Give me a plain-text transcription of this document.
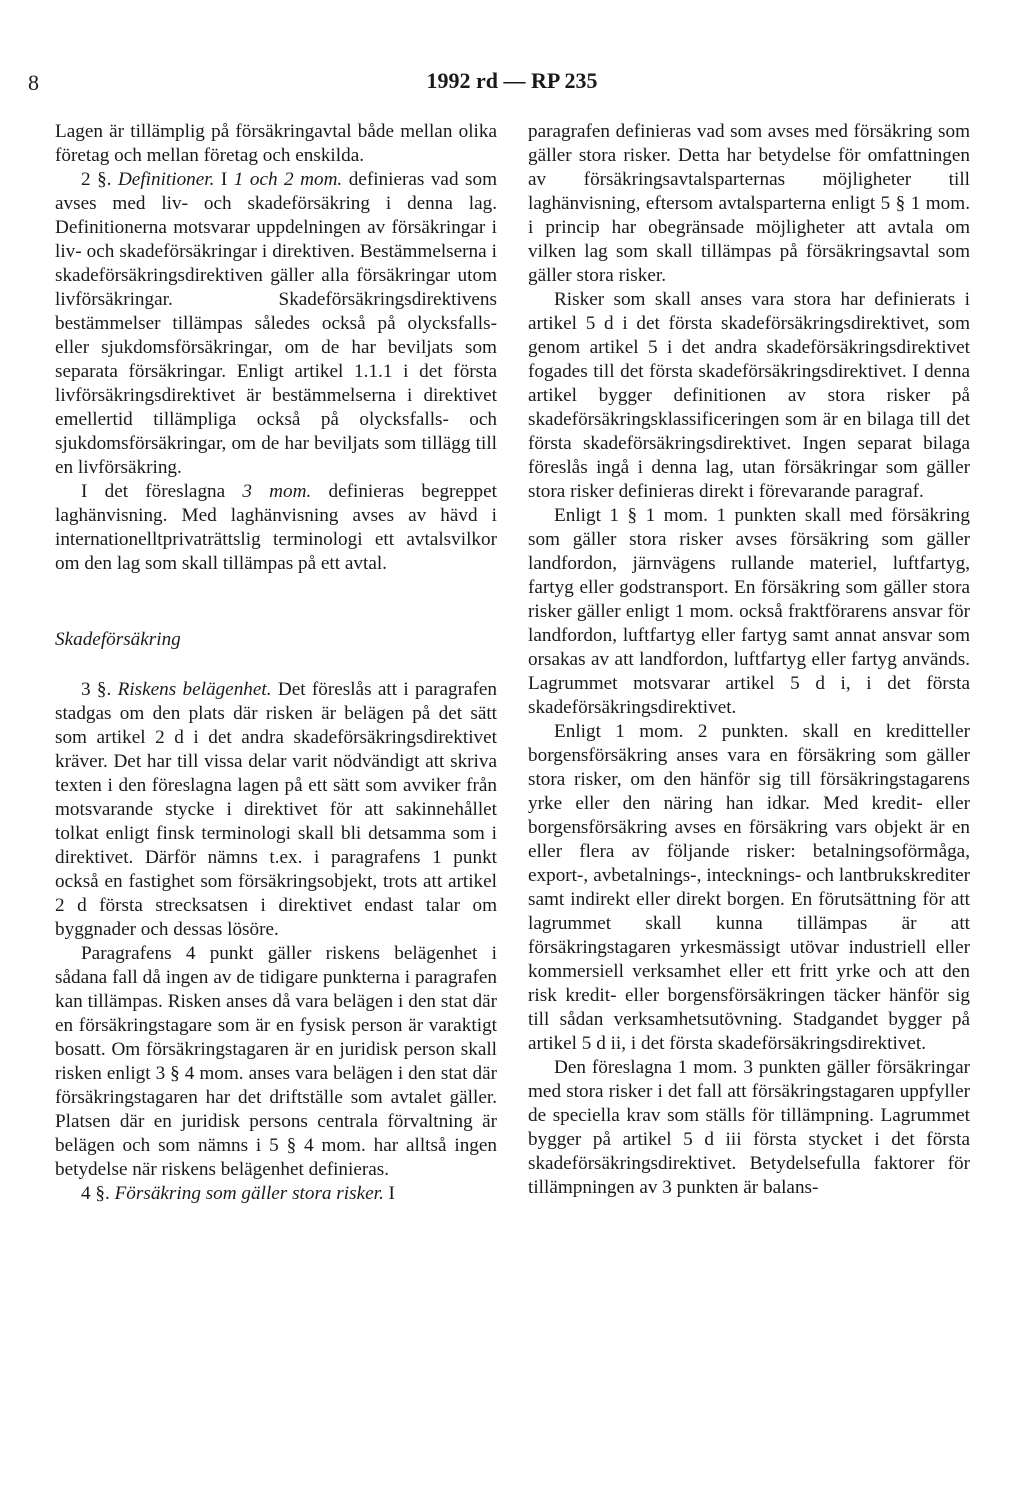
8	1992 rd — RP 235

Lagen är tillämplig på försäkringavtal både mellan olika företag och mellan företag och enskilda.

2 §. Definitioner. I 1 och 2 mom. definieras vad som avses med liv- och skadeförsäkring i denna lag. Definitionerna motsvarar uppdelningen av försäkringar i liv- och skadeförsäkringar i direktiven. Bestämmelserna i skadeförsäkringsdirektiven gäller alla försäkringar utom livförsäkringar. Skadeförsäkringsdirektivens bestämmelser tillämpas således också på olycksfalls- eller sjukdomsförsäkringar, om de har beviljats som separata försäkringar. Enligt artikel 1.1.1 i det första livförsäkringsdirektivet är bestämmelserna i direktivet emellertid tillämpliga också på olycksfalls- och sjukdomsförsäkringar, om de har beviljats som tillägg till en livförsäkring.

I det föreslagna 3 mom. definieras begreppet laghänvisning. Med laghänvisning avses av hävd i internationelltprivaträttslig terminologi ett avtalsvilkor om den lag som skall tillämpas på ett avtal.

Skadeförsäkring

3 §. Riskens belägenhet. Det föreslås att i paragrafen stadgas om den plats där risken är belägen på det sätt som artikel 2 d i det andra skadeförsäkringsdirektivet kräver. Det har till vissa delar varit nödvändigt att skriva texten i den föreslagna lagen på ett sätt som avviker från motsvarande stycke i direktivet för att sakinnehållet tolkat enligt finsk terminologi skall bli detsamma som i direktivet. Därför nämns t.ex. i paragrafens 1 punkt också en fastighet som försäkringsobjekt, trots att artikel 2 d första strecksatsen i direktivet endast talar om byggnader och dessas lösöre.

Paragrafens 4 punkt gäller riskens belägenhet i sådana fall då ingen av de tidigare punkterna i paragrafen kan tillämpas. Risken anses då vara belägen i den stat där en försäkringstagare som är en fysisk person är varaktigt bosatt. Om försäkringstagaren är en juridisk person skall risken enligt 3 § 4 mom. anses vara belägen i den stat där försäkringstagaren har det driftställe som avtalet gäller. Platsen där en juridisk persons centrala förvaltning är belägen och som nämns i 5 § 4 mom. har alltså ingen betydelse när riskens belägenhet definieras.

4 §. Försäkring som gäller stora risker. I

paragrafen definieras vad som avses med försäkring som gäller stora risker. Detta har betydelse för omfattningen av försäkringsavtalsparternas möjligheter till laghänvisning, eftersom avtalsparterna enligt 5 § 1 mom. i princip har obegränsade möjligheter att avtala om vilken lag som skall tillämpas på försäkringsavtal som gäller stora risker.

Risker som skall anses vara stora har definierats i artikel 5 d i det första skadeförsäkringsdirektivet, som genom artikel 5 i det andra skadeförsäkringsdirektivet fogades till det första skadeförsäkringsdirektivet. I denna artikel bygger definitionen av stora risker på skadeförsäkringsklassificeringen som är en bilaga till det första skadeförsäkringsdirektivet. Ingen separat bilaga föreslås ingå i denna lag, utan försäkringar som gäller stora risker definieras direkt i förevarande paragraf.

Enligt 1 § 1 mom. 1 punkten skall med försäkring som gäller stora risker avses försäkring som gäller landfordon, järnvägens rullande materiel, luftfartyg, fartyg eller godstransport. En försäkring som gäller stora risker gäller enligt 1 mom. också fraktförarens ansvar för landfordon, luftfartyg eller fartyg samt annat ansvar som orsakas av att landfordon, luftfartyg eller fartyg används. Lagrummet motsvarar artikel 5 d i, i det första skadeförsäkringsdirektivet.

Enligt 1 mom. 2 punkten. skall en kreditteller borgensförsäkring anses vara en försäkring som gäller stora risker, om den hänför sig till försäkringstagarens yrke eller den näring han idkar. Med kredit- eller borgensförsäkring avses en försäkring vars objekt är en eller flera av följande risker: betalningsoförmåga, export-, avbetalnings-, intecknings- och lantbrukskrediter samt indirekt eller direkt borgen. En förutsättning för att lagrummet skall kunna tillämpas är att försäkringstagaren yrkesmässigt utövar industriell eller kommersiell verksamhet eller ett fritt yrke och att den risk kredit- eller borgensförsäkringen täcker hänför sig till sådan verksamhetsutövning. Stadgandet bygger på artikel 5 d ii, i det första skadeförsäkringsdirektivet.

Den föreslagna 1 mom. 3 punkten gäller försäkringar med stora risker i det fall att försäkringstagaren uppfyller de speciella krav som ställs för tillämpning. Lagrummet bygger på artikel 5 d iii första stycket i det första skadeförsäkringsdirektivet. Betydelsefulla faktorer för tillämpningen av 3 punkten är balans-
